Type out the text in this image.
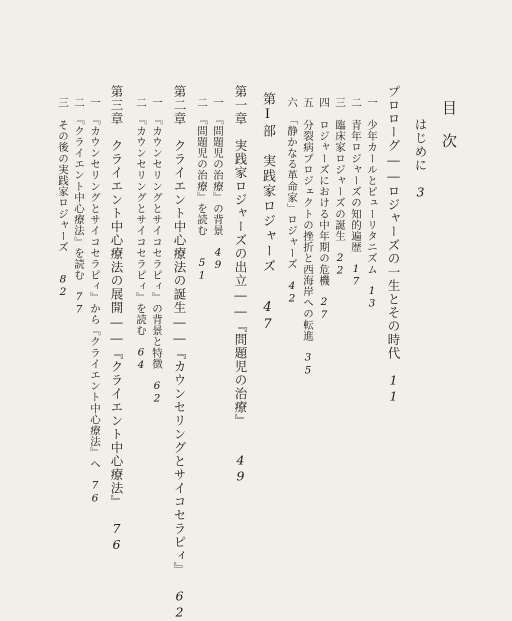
目次
はじめに3
プロローグ――ロジャーズの一生とその時代11
一　少年カールとピューリタニズム13
二　青年ロジャーズの知的遍歴17
三　臨床家ロジャーズの誕生22
四　ロジャーズにおける中年期の危機27
五　分裂病プロジェクトの挫折と西海岸への転進35
六　「静かなる革命家」ロジャーズ42
第Ⅰ部　実践家ロジャーズ47
第一章　実践家ロジャーズの出立――『問題児の治療』49
一　『問題児の治療』の背景49
二　『問題児の治療』を読む51
第二章　クライエント中心療法の誕生――『カウンセリングとサイコセラピィ』62
一　『カウンセリングとサイコセラピィ』の背景と特徴62
二　『カウンセリングとサイコセラピィ』を読む64
第三章　クライエント中心療法の展開――『クライエント中心療法』76
一　『カウンセリングとサイコセラピィ』から『クライエント中心療法』へ76
二　『クライエント中心療法』を読む77
三　その後の実践家ロジャーズ82
